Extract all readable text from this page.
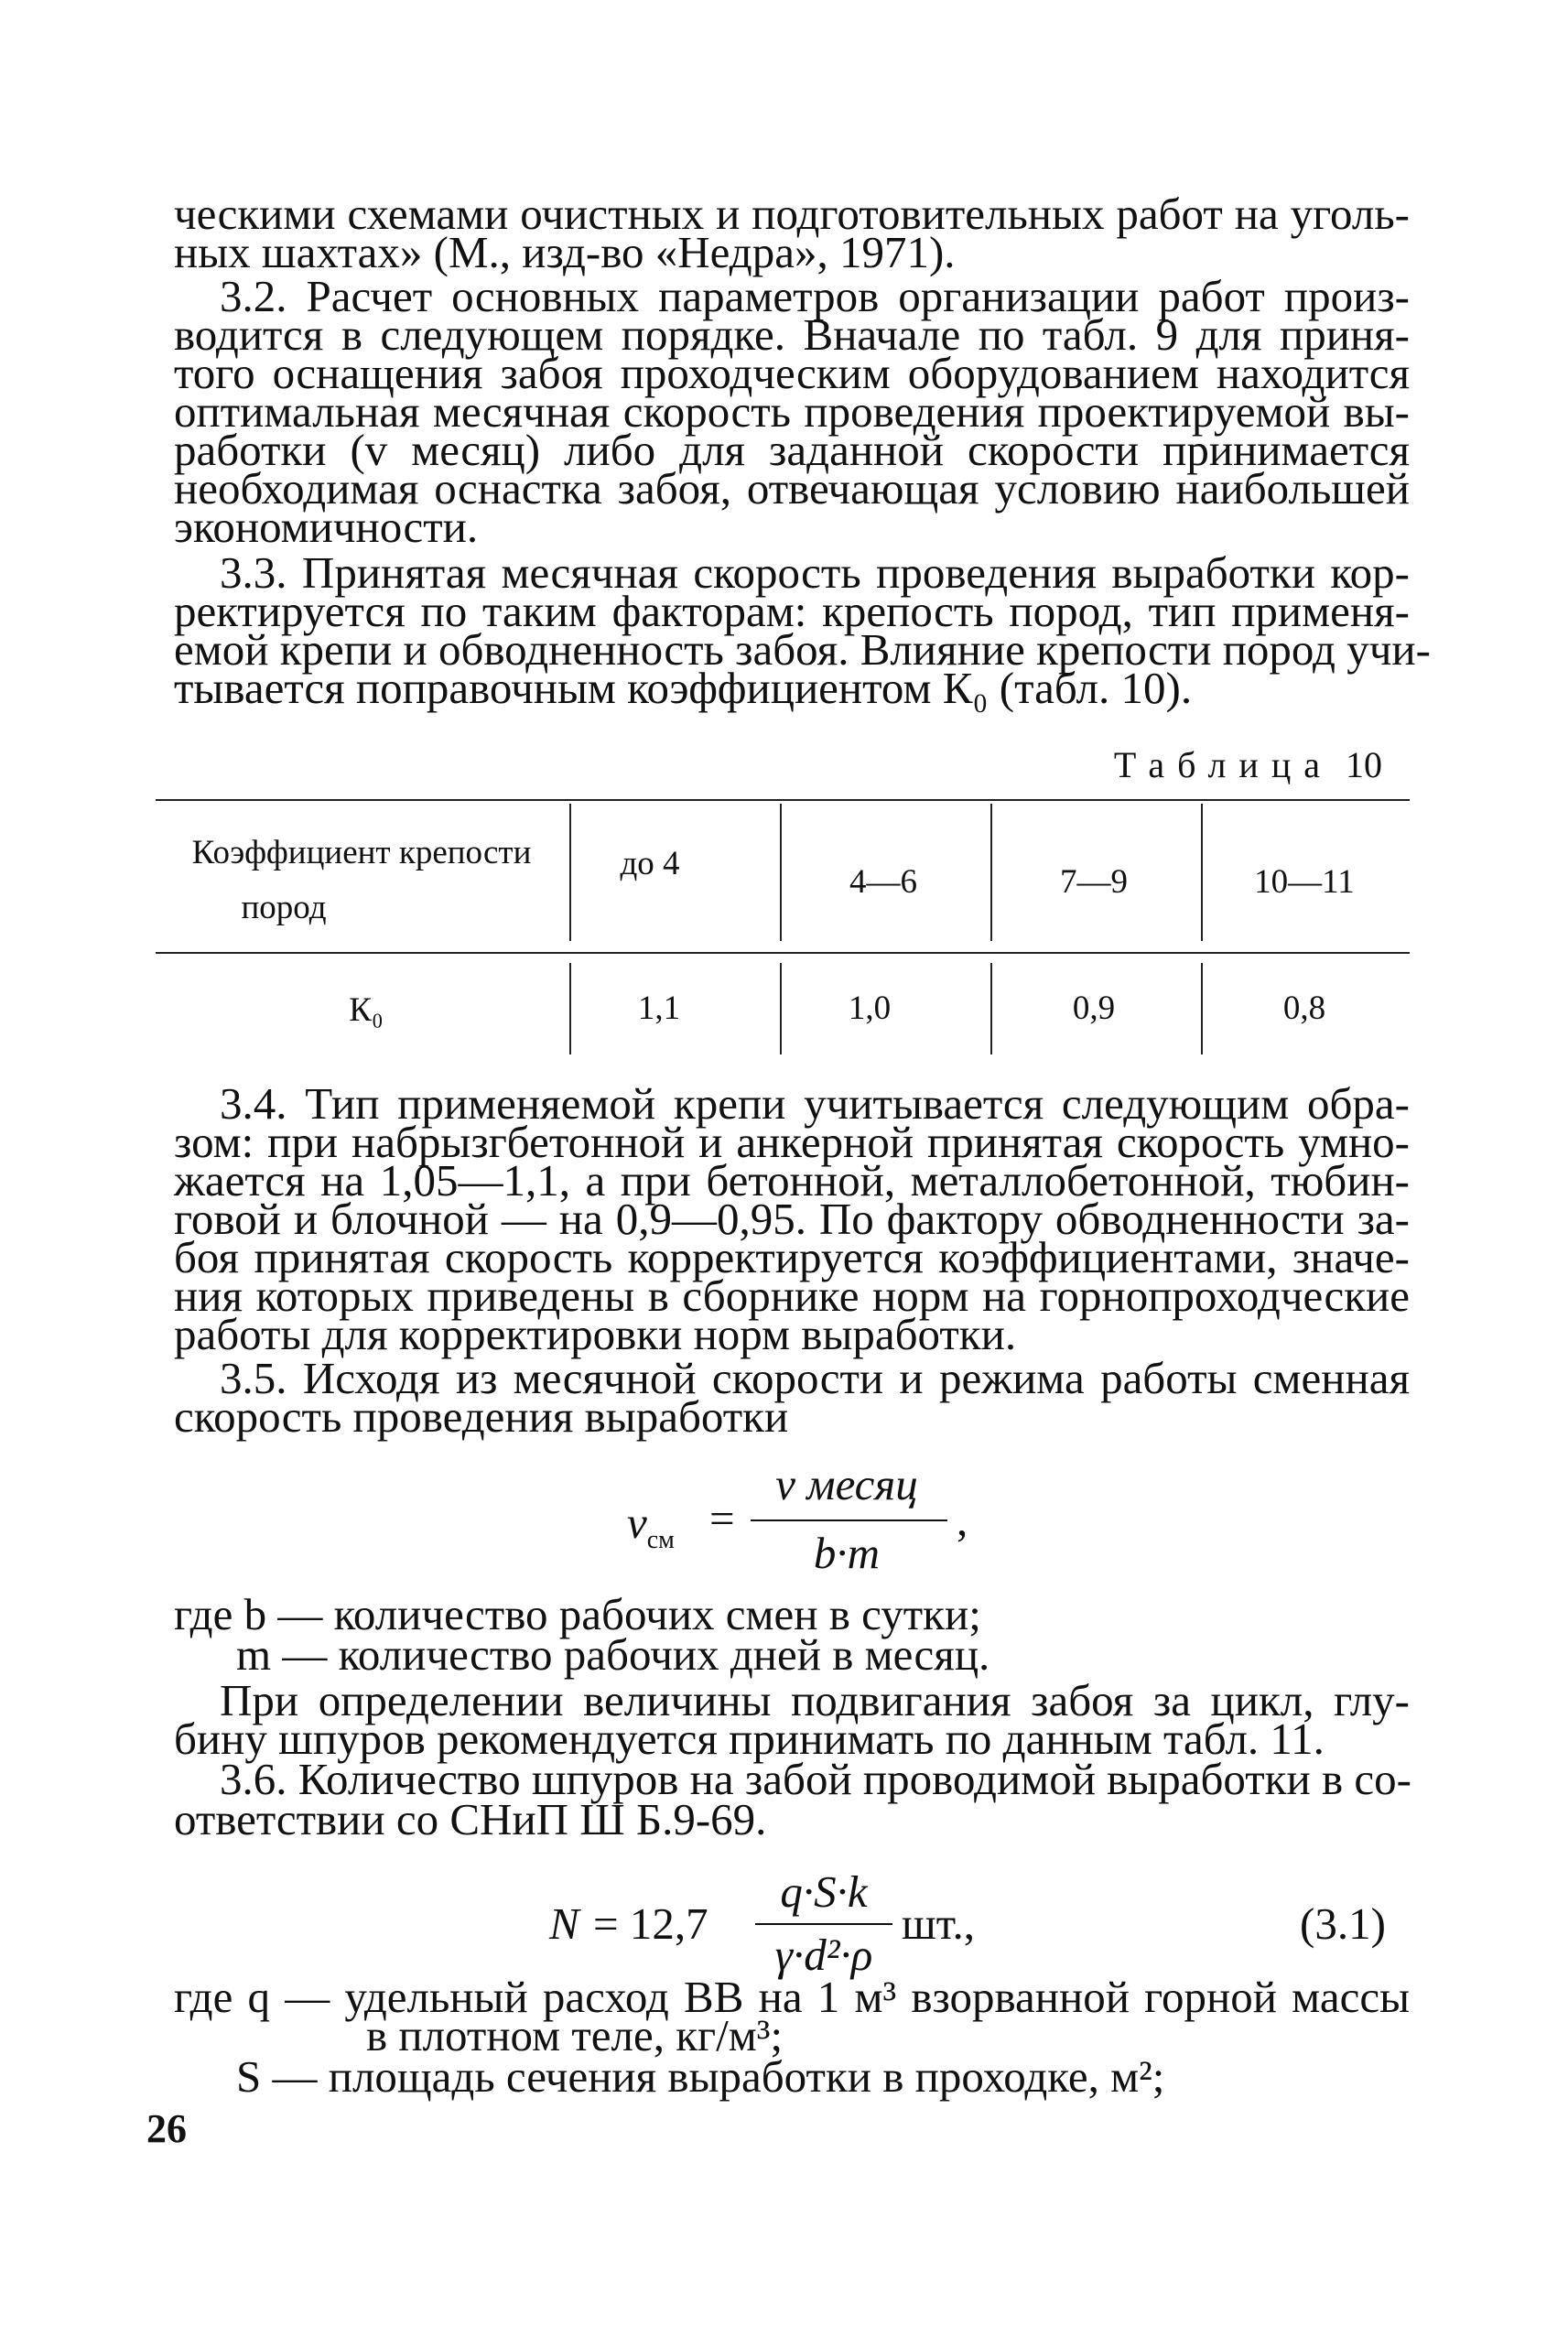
ческими схемами очистных и подготовительных работ на уголь-
ных шахтах» (М., изд-во «Недра», 1971).
3.2. Расчет основных параметров организации работ произ-
водится в следующем порядке. Вначале по табл. 9 для приня-
того оснащения забоя проходческим оборудованием находится
оптимальная месячная скорость проведения проектируемой вы-
работки (v месяц) либо для заданной скорости принимается
необходимая оснастка забоя, отвечающая условию наибольшей
экономичности.
3.3. Принятая месячная скорость проведения выработки кор-
ректируется по таким факторам: крепость пород, тип применя-
емой крепи и обводненность забоя. Влияние крепости пород учи-
тывается поправочным коэффициентом К₀ (табл. 10).
Таблица 10
Коэффициент крепости
пород
до 4	4—6	7—9	10—11
К₀	1,1	1,0	0,9	0,8
3.4. Тип применяемой крепи учитывается следующим обра-
зом: при набрызгбетонной и анкерной принятая скорость умно-
жается на 1,05—1,1, а при бетонной, металлобетонной, тюбин-
говой и блочной — на 0,9—0,95. По фактору обводненности за-
боя принятая скорость корректируется коэффициентами, значе-
ния которых приведены в сборнике норм на горнопроходческие
работы для корректировки норм выработки.
3.5. Исходя из месячной скорости и режима работы сменная
скорость проведения выработки
$v_{см}$ =
v месяц
b·m
,
где b — количество рабочих смен в сутки;
m — количество рабочих дней в месяц.
При определении величины подвигания забоя за цикл, глу-
бину шпуров рекомендуется принимать по данным табл. 11.
3.6. Количество шпуров на забой проводимой выработки в со-
ответствии со СНиП Ш Б.9-69.
N = 12,7
q·S·k
γ·d²·ρ
шт.,	(3.1)
где q — удельный расход ВВ на 1 м³ взорванной горной массы
в плотном теле, кг/м³;
S — площадь сечения выработки в проходке, м²;
26
